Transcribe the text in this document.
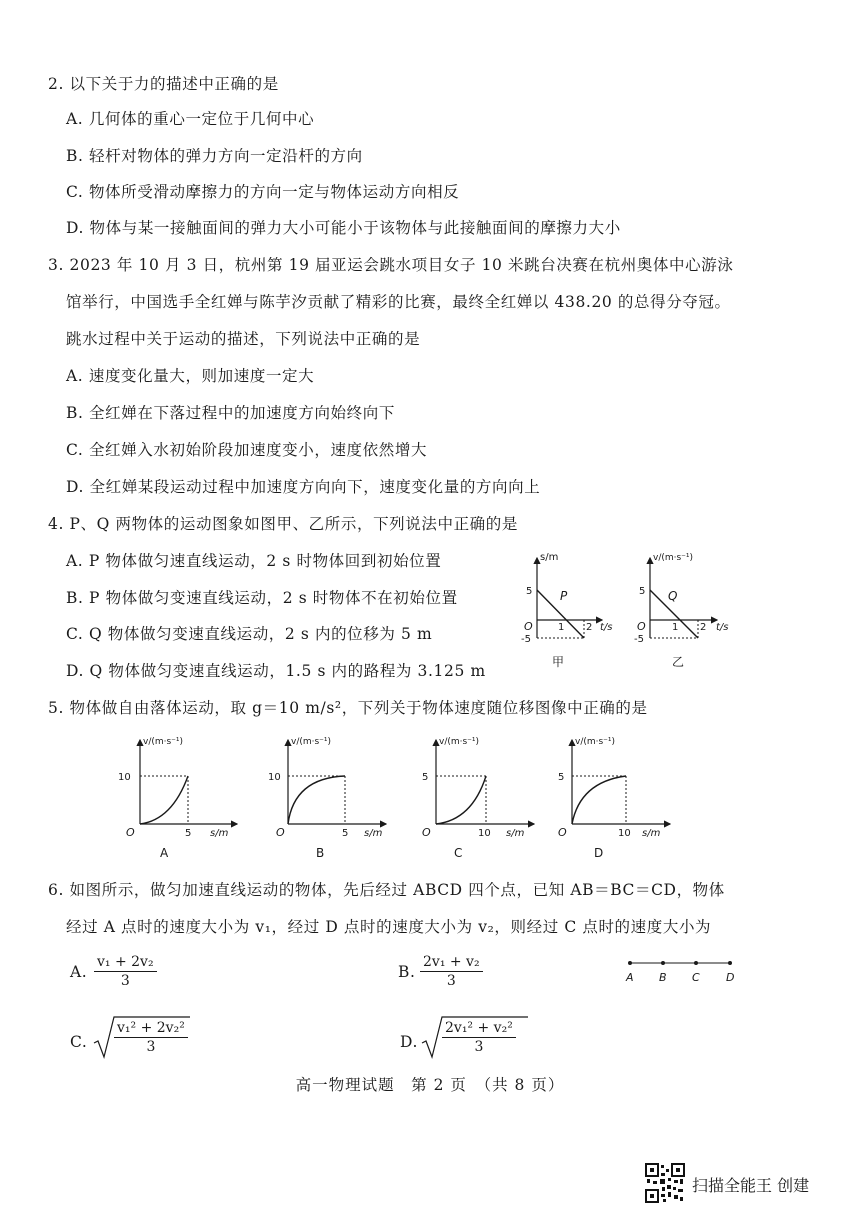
2. 以下关于力的描述中正确的是
A. 几何体的重心一定位于几何中心
B. 轻杆对物体的弹力方向一定沿杆的方向
C. 物体所受滑动摩擦力的方向一定与物体运动方向相反
D. 物体与某一接触面间的弹力大小可能小于该物体与此接触面间的摩擦力大小
3. 2023 年 10 月 3 日，杭州第 19 届亚运会跳水项目女子 10 米跳台决赛在杭州奥体中心游泳
馆举行，中国选手全红婵与陈芋汐贡献了精彩的比赛，最终全红婵以 438.20 的总得分夺冠。
跳水过程中关于运动的描述，下列说法中正确的是
A. 速度变化量大，则加速度一定大
B. 全红婵在下落过程中的加速度方向始终向下
C. 全红婵入水初始阶段加速度变小，速度依然增大
D. 全红婵某段运动过程中加速度方向向下，速度变化量的方向向上
4. P、Q 两物体的运动图象如图甲、乙所示，下列说法中正确的是
A. P 物体做匀速直线运动，2 s 时物体回到初始位置
B. P 物体做匀变速直线运动，2 s 时物体不在初始位置
C. Q 物体做匀变速直线运动，2 s 内的位移为 5 m
D. Q 物体做匀变速直线运动，1.5 s 内的路程为 3.125 m
s/m
t/s
P
5
-5
O	1 2
甲
v/(m·s⁻¹)
t/s
Q
5
-5
O	1 2
乙
5. 物体做自由落体运动，取 g＝10 m/s²，下列关于物体速度随位移图像中正确的是
v/(m·s⁻¹)
10
5 s/m
O
A
v/(m·s⁻¹)
10
5 s/m
O
B
v/(m·s⁻¹)
5
10 s/m
O
C
v/(m·s⁻¹)
5
10 s/m
O
D
6. 如图所示，做匀加速直线运动的物体，先后经过 ABCD 四个点，已知 AB＝BC＝CD，物体
经过 A 点时的速度大小为 v₁，经过 D 点时的速度大小为 v₂，则经过 C 点时的速度大小为
A B C D
A. $\frac{\text{v₁ + 2v₂}}{3}$	B. $\frac{\text{2v₁ + v₂}}{3}$
C. $\frac{\text{v₁² + 2v₂²}}{3}$	D. $\frac{\text{2v₁² + v₂²}}{3}$
高一物理试题　第 2 页　（共 8 页）
扫描全能王 创建
